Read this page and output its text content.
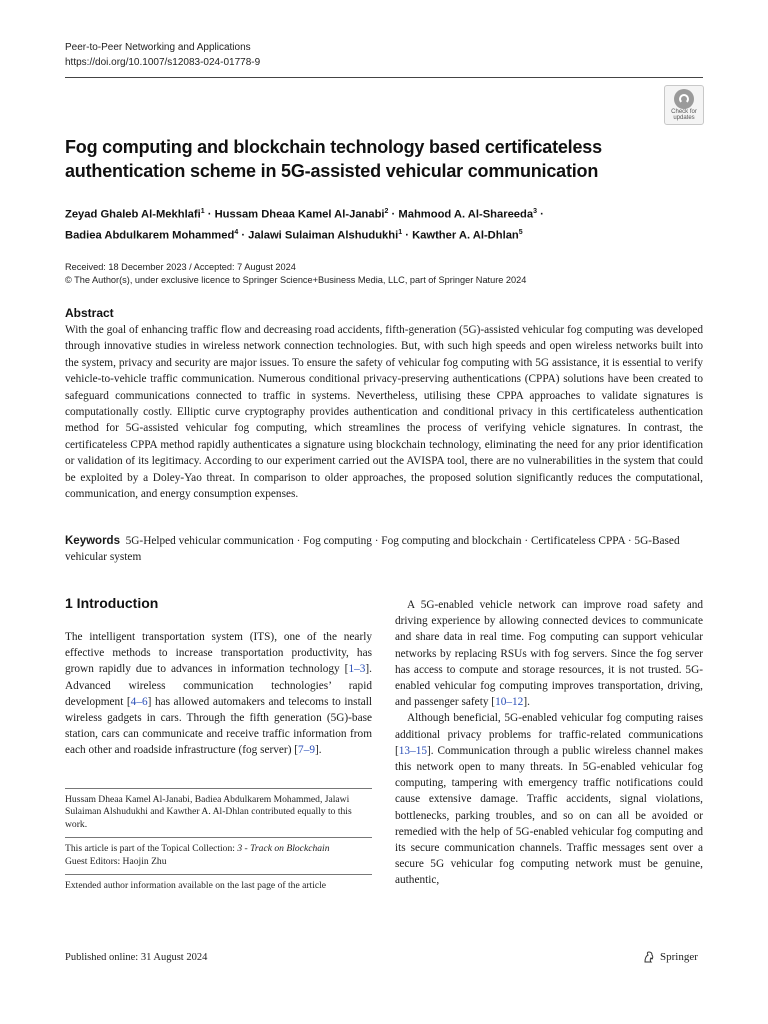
Peer-to-Peer Networking and Applications
https://doi.org/10.1007/s12083-024-01778-9
Check for
updates
Fog computing and blockchain technology based certificateless
authentication scheme in 5G-assisted vehicular communication
Zeyad Ghaleb Al-Mekhlafi$^1$ · Hussam Dheaa Kamel Al-Janabi$^2$ · Mahmood A. Al-Shareeda$^3$ ·
Badiea Abdulkarem Mohammed$^4$ · Jalawi Sulaiman Alshudukhi$^1$ · Kawther A. Al-Dhlan$^5$
Received: 18 December 2023 / Accepted: 7 August 2024
© The Author(s), under exclusive licence to Springer Science+Business Media, LLC, part of Springer Nature 2024
Abstract
With the goal of enhancing traffic flow and decreasing road accidents, fifth-generation (5G)-assisted vehicular fog computing was developed through innovative studies in wireless network connection technologies. But, with such high speeds and open wireless networks built into the system, privacy and security are major issues. To ensure the safety of vehicular fog computing with 5G assistance, it is essential to verify vehicle-to-vehicle traffic communication. Numerous conditional privacy-preserving authentications (CPPA) solutions have been created to safeguard communications connected to traffic in systems. Nevertheless, utilising these CPPA approaches to validate signatures is computationally costly. Elliptic curve cryptography provides authentication and conditional privacy in this certificateless authentication method for 5G-assisted vehicular fog computing, which streamlines the process of verifying vehicle signatures. In contrast, the certificateless CPPA method rapidly authenticates a signature using blockchain technology, eliminating the need for any prior identification or validation of its legitimacy. According to our experiment carried out the AVISPA tool, there are no vulnerabilities in the system that could be exploited by a Doley-Yao threat. In comparison to older approaches, the proposed solution significantly reduces the computational, communication, and energy consumption expenses.
Keywords 5G-Helped vehicular communication · Fog computing · Fog computing and blockchain · Certificateless CPPA · 5G-Based vehicular system
1 Introduction

The intelligent transportation system (ITS), one of the nearly effective methods to increase transportation productivity, has grown rapidly due to advances in information technology [1–3]. Advanced wireless communication technologies’ rapid development [4–6] has allowed automakers and telecoms to install wireless gadgets in cars. Through the fifth generation (5G)-base station, cars can communicate and receive traffic information from each other and roadside infrastructure (fog server) [7–9].

Hussam Dheaa Kamel Al-Janabi, Badiea Abdulkarem Mohammed, Jalawi Sulaiman Alshudukhi and Kawther A. Al-Dhlan contributed equally to this work.
This article is part of the Topical Collection: 3 - Track on Blockchain
Guest Editors: Haojin Zhu
Extended author information available on the last page of the article

A 5G-enabled vehicle network can improve road safety and driving experience by allowing connected devices to communicate and share data in real time. Fog computing can support vehicular networks by replacing RSUs with fog servers. Since the fog server has access to compute and storage resources, it is not trusted. 5G-enabled vehicular fog computing improves transportation, driving, and passenger safety [10–12].

Although beneficial, 5G-enabled vehicular fog computing raises additional privacy problems for traffic-related communications [13–15]. Communication through a public wireless channel makes this network open to many threats. In 5G-enabled vehicular fog computing, tampering with emergency traffic notifications could cause extensive damage. Traffic accidents, signal violations, bottlenecks, parking troubles, and so on can all be avoided or remedied with the help of 5G-enabled vehicular fog computing and its secure communication channels. Traffic messages sent over a secure 5G vehicular fog computing network must be genuine, authentic,

Published online: 31 August 2024	Springer
